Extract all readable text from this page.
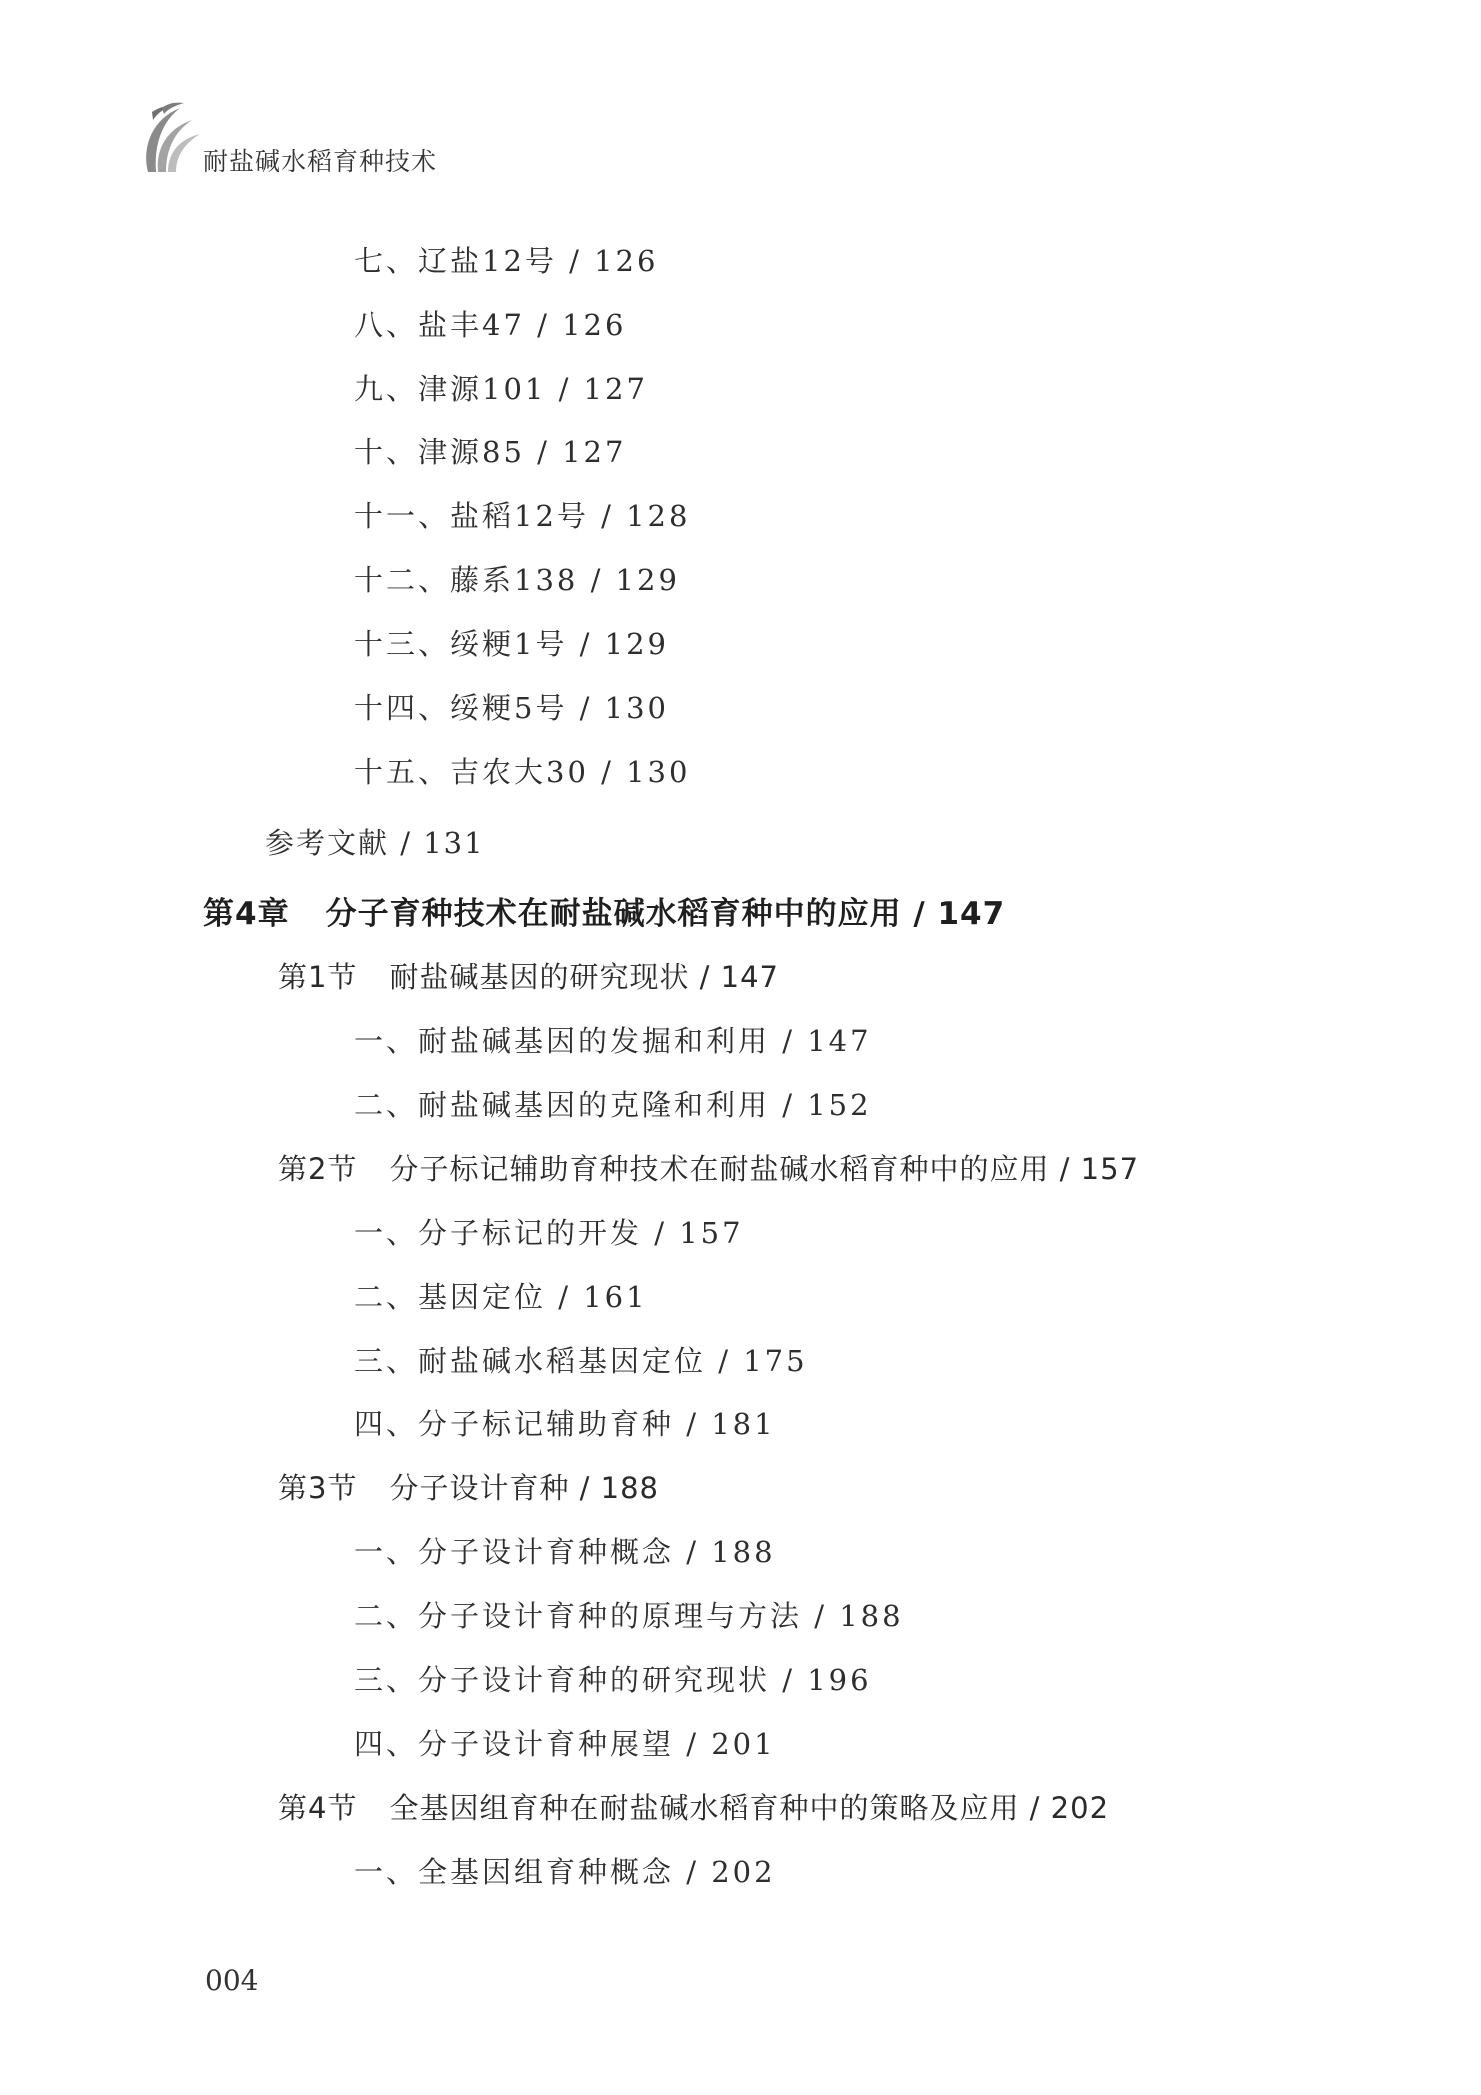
耐盐碱水稻育种技术
七、辽盐12号 / 126
八、盐丰47 / 126
九、津源101 / 127
十、津源85 / 127
十一、盐稻12号 / 128
十二、藤系138 / 129
十三、绥粳1号 / 129
十四、绥粳5号 / 130
十五、吉农大30 / 130
参考文献 / 131
第4章 分子育种技术在耐盐碱水稻育种中的应用 / 147
第1节 耐盐碱基因的研究现状 / 147
一、耐盐碱基因的发掘和利用 / 147
二、耐盐碱基因的克隆和利用 / 152
第2节 分子标记辅助育种技术在耐盐碱水稻育种中的应用 / 157
一、分子标记的开发 / 157
二、基因定位 / 161
三、耐盐碱水稻基因定位 / 175
四、分子标记辅助育种 / 181
第3节 分子设计育种 / 188
一、分子设计育种概念 / 188
二、分子设计育种的原理与方法 / 188
三、分子设计育种的研究现状 / 196
四、分子设计育种展望 / 201
第4节 全基因组育种在耐盐碱水稻育种中的策略及应用 / 202
一、全基因组育种概念 / 202
004
